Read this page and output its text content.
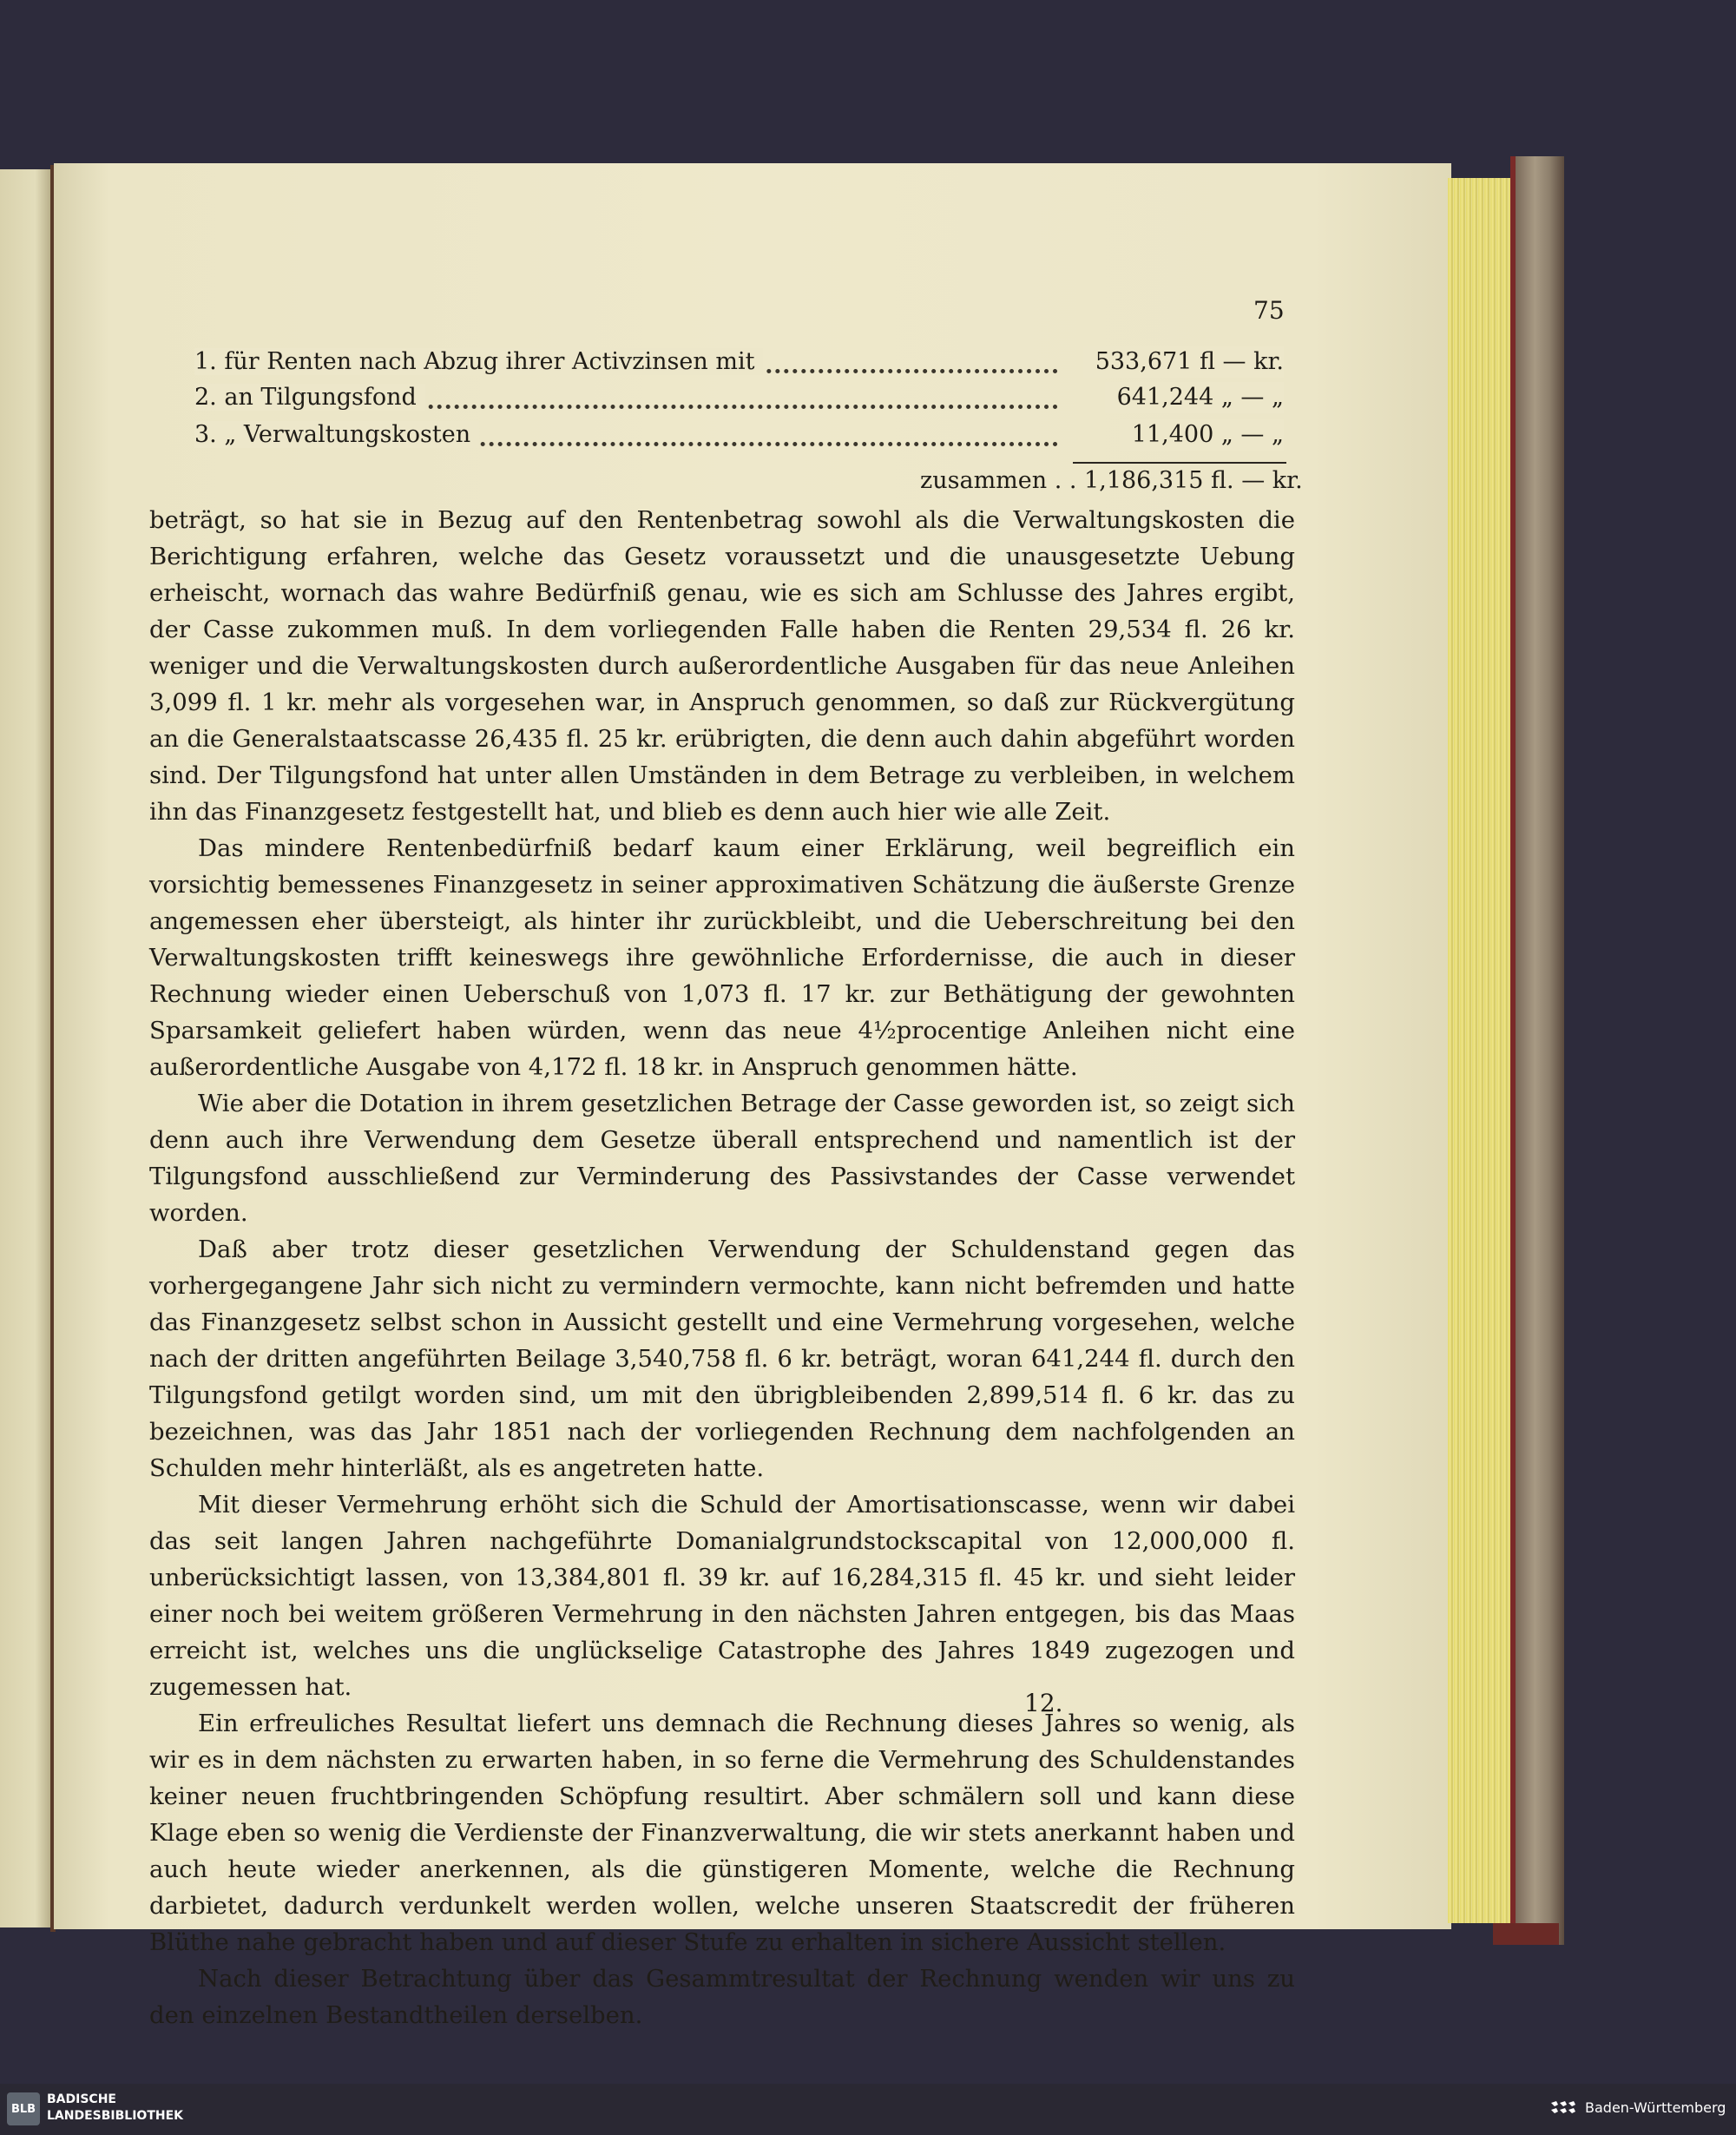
75
1. für Renten nach Abzug ihrer Activzinsen mit	533,671 fl — kr.
2. an Tilgungsfond	641,244 „ — „
3. „ Verwaltungskosten	11,400 „ — „
zusammen . . 1,186,315 fl. — kr.

beträgt, so hat sie in Bezug auf den Rentenbetrag sowohl als die Verwaltungskosten die Berichtigung erfahren, welche das Gesetz voraussetzt und die unausgesetzte Uebung erheischt, wornach das wahre Bedürfniß genau, wie es sich am Schlusse des Jahres ergibt, der Casse zukommen muß. In dem vorliegenden Falle haben die Renten 29,534 fl. 26 kr. weniger und die Verwaltungskosten durch außerordentliche Ausgaben für das neue Anleihen 3,099 fl. 1 kr. mehr als vorgesehen war, in Anspruch genommen, so daß zur Rückvergütung an die Generalstaatscasse 26,435 fl. 25 kr. erübrigten, die denn auch dahin abgeführt worden sind. Der Tilgungsfond hat unter allen Umständen in dem Betrage zu verbleiben, in welchem ihn das Finanzgesetz festgestellt hat, und blieb es denn auch hier wie alle Zeit.

Das mindere Rentenbedürfniß bedarf kaum einer Erklärung, weil begreiflich ein vorsichtig bemessenes Finanzgesetz in seiner approximativen Schätzung die äußerste Grenze angemessen eher übersteigt, als hinter ihr zurückbleibt, und die Ueberschreitung bei den Verwaltungskosten trifft keineswegs ihre gewöhnliche Erfordernisse, die auch in dieser Rechnung wieder einen Ueberschuß von 1,073 fl. 17 kr. zur Bethätigung der gewohnten Sparsamkeit geliefert haben würden, wenn das neue 4½procentige Anleihen nicht eine außerordentliche Ausgabe von 4,172 fl. 18 kr. in Anspruch genommen hätte.

Wie aber die Dotation in ihrem gesetzlichen Betrage der Casse geworden ist, so zeigt sich denn auch ihre Verwendung dem Gesetze überall entsprechend und namentlich ist der Tilgungsfond ausschließend zur Verminderung des Passivstandes der Casse verwendet worden.

Daß aber trotz dieser gesetzlichen Verwendung der Schuldenstand gegen das vorhergegangene Jahr sich nicht zu vermindern vermochte, kann nicht befremden und hatte das Finanzgesetz selbst schon in Aussicht gestellt und eine Vermehrung vorgesehen, welche nach der dritten angeführten Beilage 3,540,758 fl. 6 kr. beträgt, woran 641,244 fl. durch den Tilgungsfond getilgt worden sind, um mit den übrigbleibenden 2,899,514 fl. 6 kr. das zu bezeichnen, was das Jahr 1851 nach der vorliegenden Rechnung dem nachfolgenden an Schulden mehr hinterläßt, als es angetreten hatte.

Mit dieser Vermehrung erhöht sich die Schuld der Amortisationscasse, wenn wir dabei das seit langen Jahren nachgeführte Domanialgrundstockscapital von 12,000,000 fl. unberücksichtigt lassen, von 13,384,801 fl. 39 kr. auf 16,284,315 fl. 45 kr. und sieht leider einer noch bei weitem größeren Vermehrung in den nächsten Jahren entgegen, bis das Maas erreicht ist, welches uns die unglückselige Catastrophe des Jahres 1849 zugezogen und zugemessen hat.

Ein erfreuliches Resultat liefert uns demnach die Rechnung dieses Jahres so wenig, als wir es in dem nächsten zu erwarten haben, in so ferne die Vermehrung des Schuldenstandes keiner neuen fruchtbringenden Schöpfung resultirt. Aber schmälern soll und kann diese Klage eben so wenig die Verdienste der Finanzverwaltung, die wir stets anerkannt haben und auch heute wieder anerkennen, als die günstigeren Momente, welche die Rechnung darbietet, dadurch verdunkelt werden wollen, welche unseren Staatscredit der früheren Blüthe nahe gebracht haben und auf dieser Stufe zu erhalten in sichere Aussicht stellen.

Nach dieser Betrachtung über das Gesammtresultat der Rechnung wenden wir uns zu den einzelnen Bestandtheilen derselben.

12.
BLB
BADISCHE
LANDESBIBLIOTHEK	Baden-Württemberg
